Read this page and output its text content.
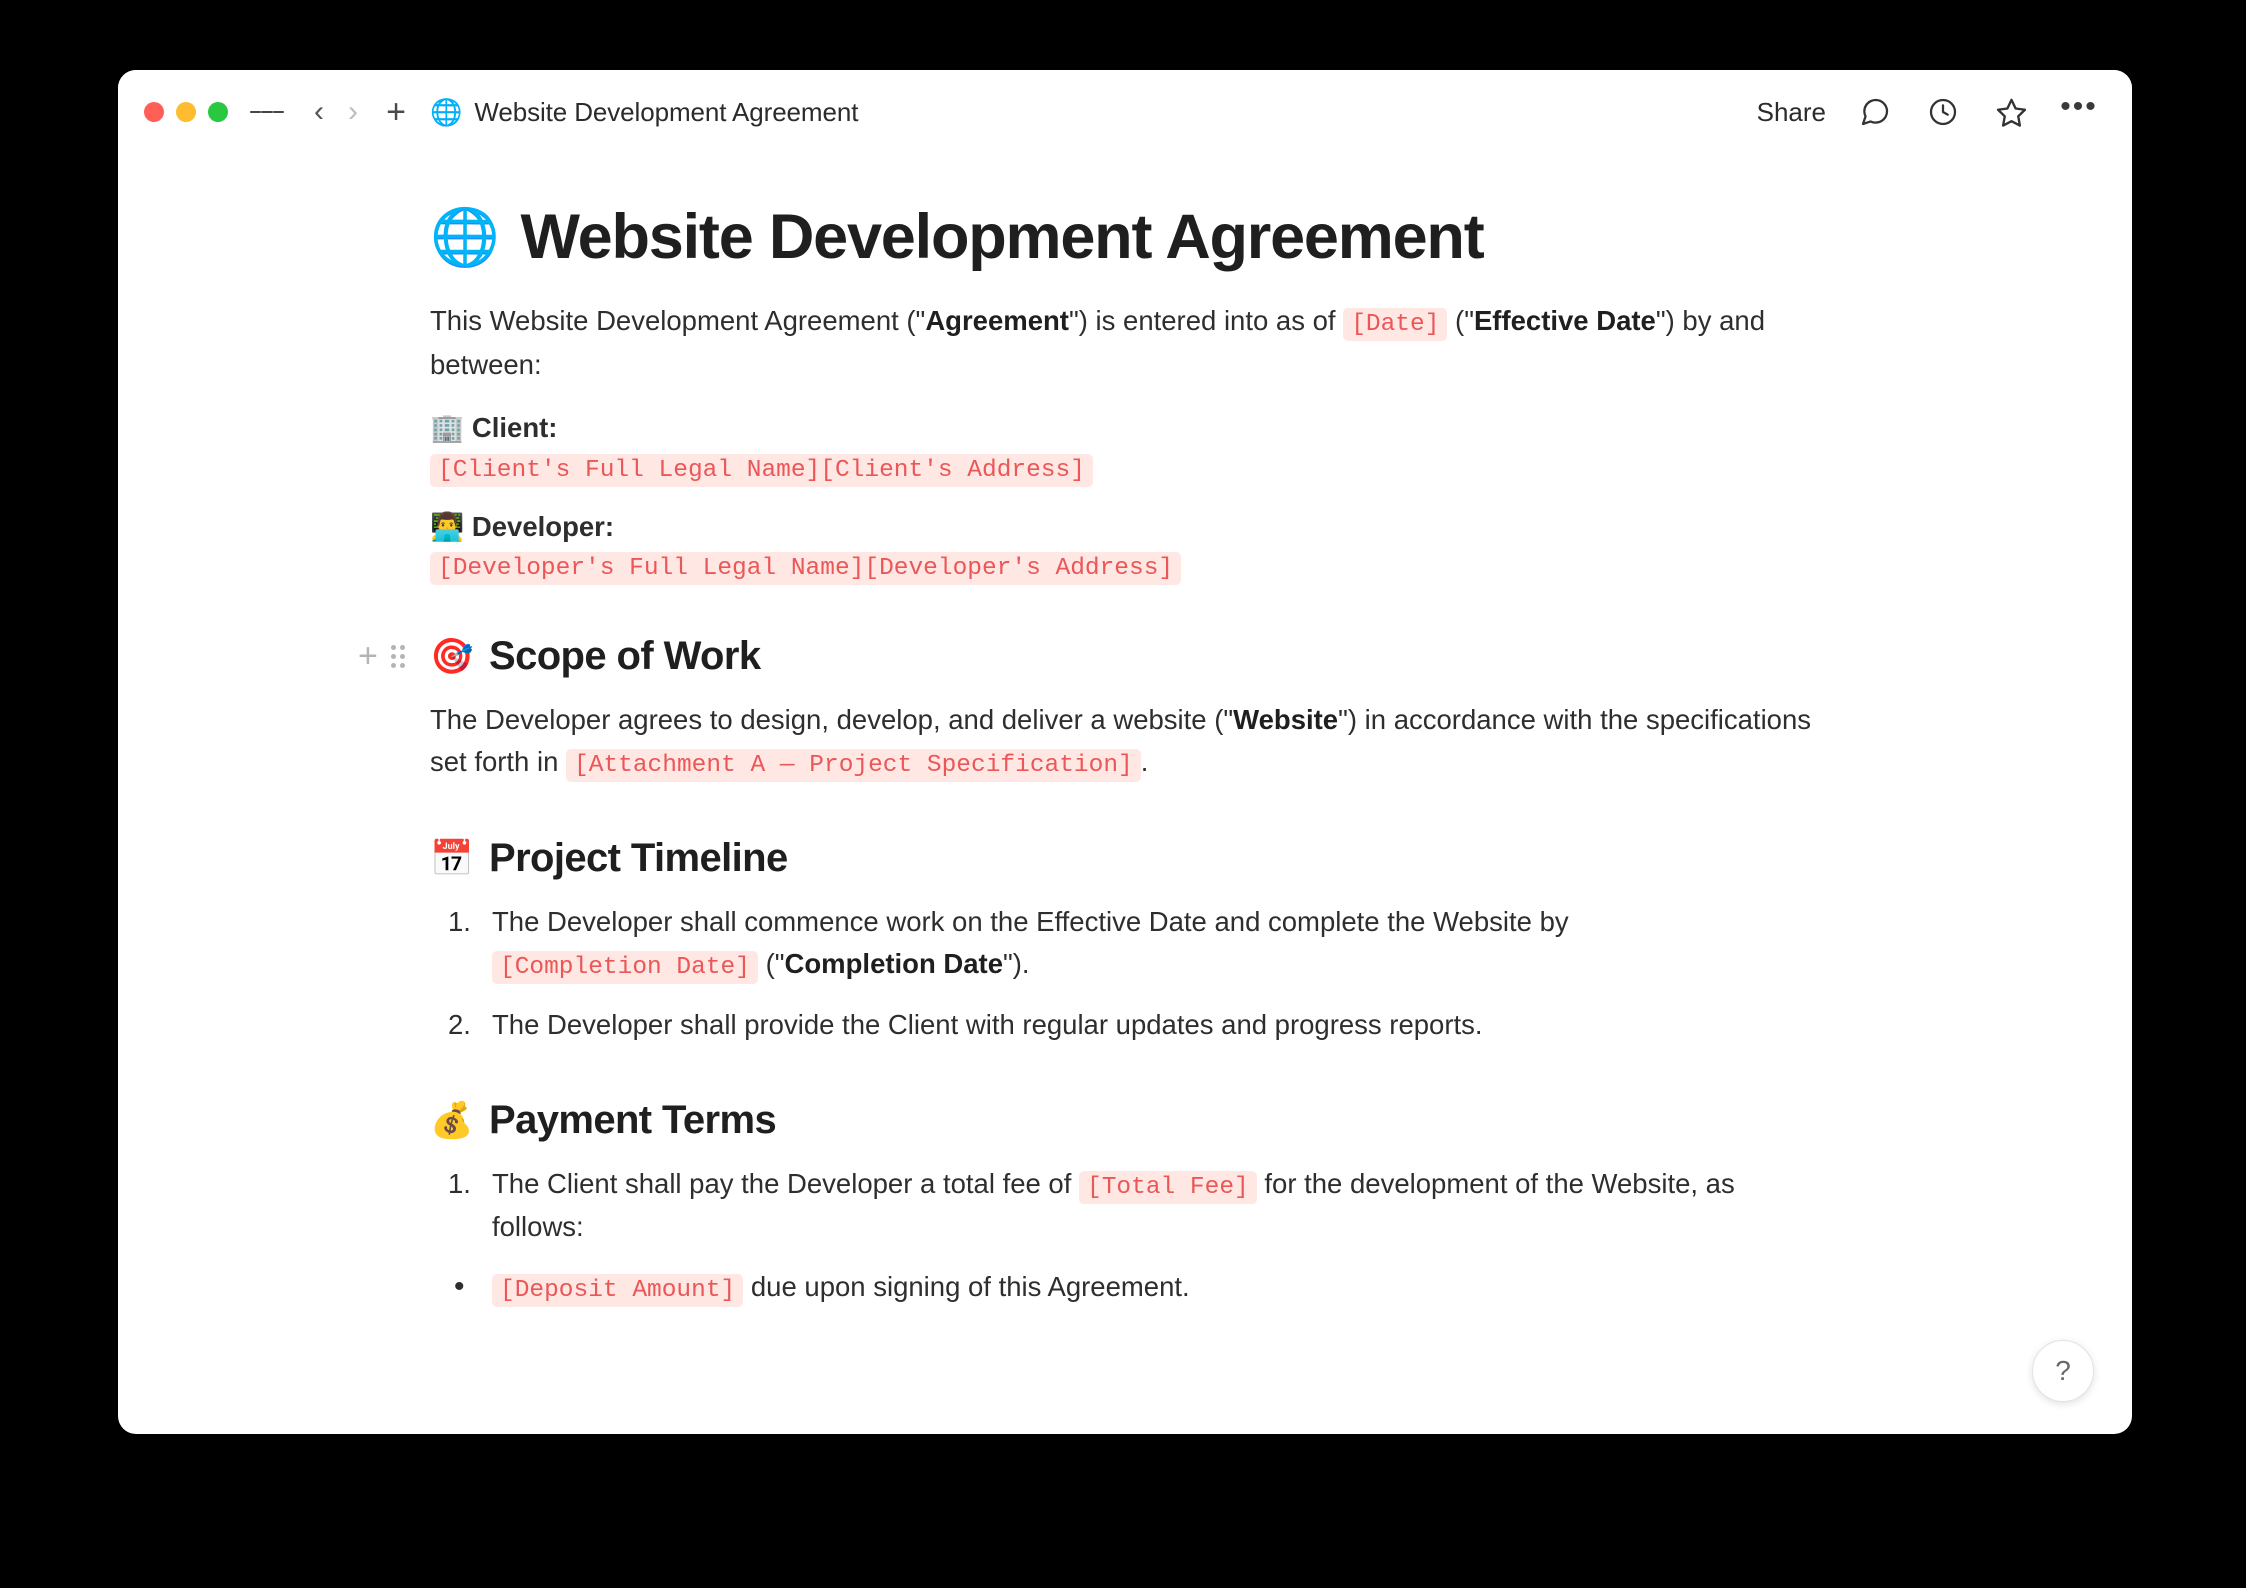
‹ › + 🌐 Website Development Agreement	Share	•••
🌐 Website Development Agreement

This Website Development Agreement ("Agreement") is entered into as of [Date] ("Effective Date") by and between:

🏢 Client:
[Client's Full Legal Name][Client's Address]
👨‍💻 Developer:
[Developer's Full Legal Name][Developer's Address]
+ 🎯 Scope of Work

The Developer agrees to design, develop, and deliver a website ("Website") in accordance with the specifications set forth in [Attachment A — Project Specification] .

📅 Project Timeline
The Developer shall commence work on the Effective Date and complete the Website by [Completion Date] ("Completion Date").
The Developer shall provide the Client with regular updates and progress reports.
💰 Payment Terms
The Client shall pay the Developer a total fee of [Total Fee] for the development of the Website, as follows:
• [Deposit Amount] due upon signing of this Agreement.
?
